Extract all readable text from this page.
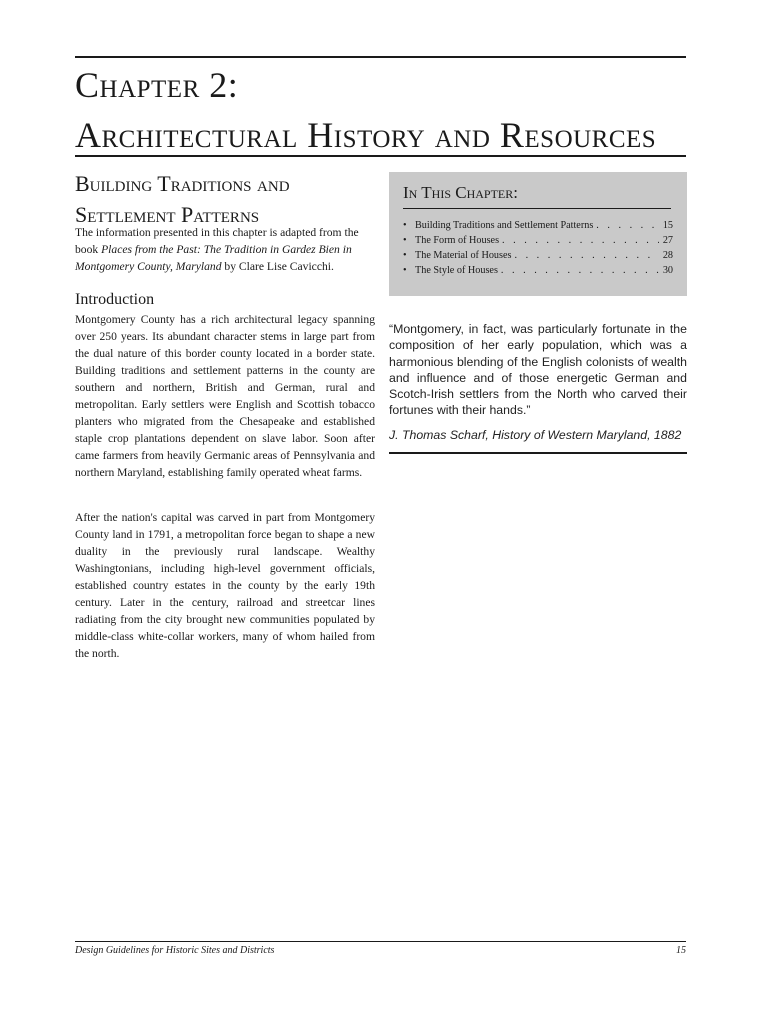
Chapter 2:
Architectural History and Resources
Building Traditions and
Settlement Patterns

The information presented in this chapter is adapted from the book Places from the Past: The Tradition in Gardez Bien in Montgomery County, Maryland by Clare Lise Cavicchi.

Introduction

Montgomery County has a rich architectural legacy spanning over 250 years. Its abundant character stems in large part from the dual nature of this border county located in a border state. Building traditions and settlement patterns in the county are southern and northern, British and German, rural and metropolitan. Early settlers were English and Scottish tobacco planters who migrated from the Chesapeake and established staple crop plantations dependent on slave labor. Soon after came farmers from heavily Germanic areas of Pennsylvania and northern Maryland, establishing family operated wheat farms.

After the nation's capital was carved in part from Montgomery County land in 1791, a metropolitan force began to shape a new duality in the previously rural landscape. Wealthy Washingtonians, including high-level government officials, established country estates in the county by the early 19th century. Later in the century, railroad and streetcar lines radiating from the city brought new communities populated by middle-class white-collar workers, many of whom hailed from the north.

In This Chapter:
• Building Traditions and Settlement Patterns . . .	15
• The Form of Houses . . .	27
• The Material of Houses . . .	28
• The Style of Houses . . .	30

“Montgomery, in fact, was particularly fortunate in the composition of her early population, which was a harmonious blending of the English colonists of wealth and influence and of those energetic German and Scotch-Irish settlers from the North who carved their fortunes with their hands.”

J. Thomas Scharf, History of Western Maryland, 1882

Design Guidelines for Historic Sites and Districts	15
